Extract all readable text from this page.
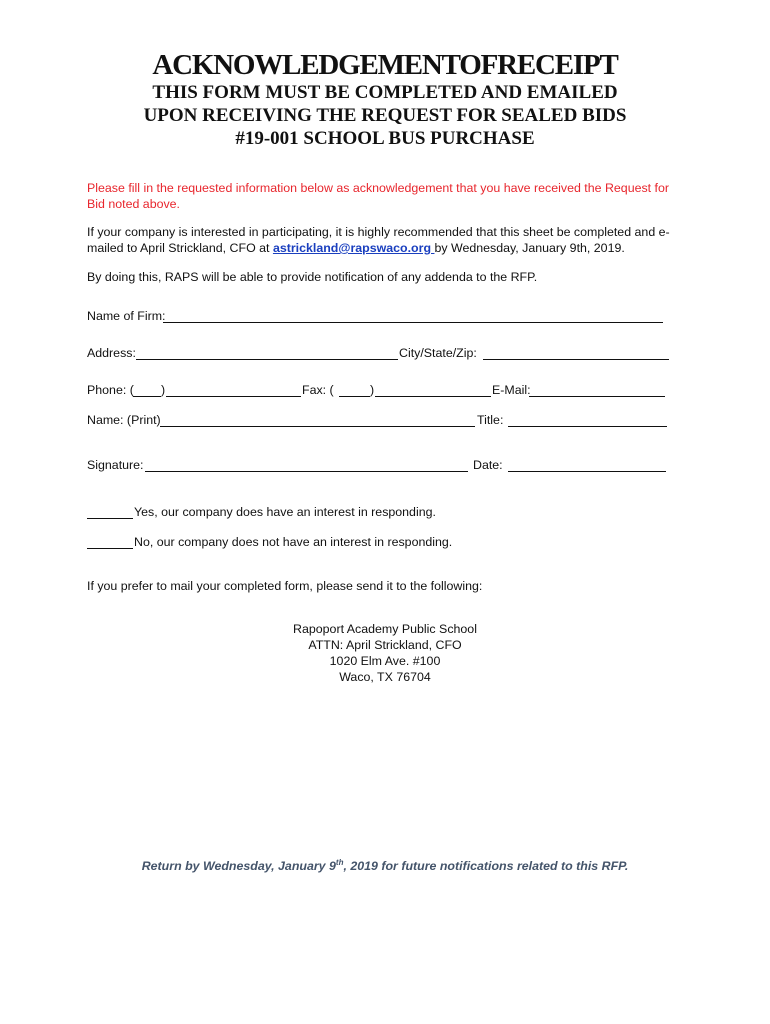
ACKNOWLEDGEMENTOFRECEIPT
THIS FORM MUST BE COMPLETED AND EMAILED
UPON RECEIVING THE REQUEST FOR SEALED BIDS
#19-001 SCHOOL BUS PURCHASE
Please fill in the requested information below as acknowledgement that you have received the Request for Bid noted above.
If your company is interested in participating, it is highly recommended that this sheet be completed and e-mailed to April Strickland, CFO at astrickland@rapswaco.org by Wednesday, January 9th, 2019.
By doing this, RAPS will be able to provide notification of any addenda to the RFP.
Name of Firm:
Address:	City/State/Zip:
Phone: ( )	Fax: (	)	E-Mail:
Name: (Print)	Title:
Signature:	Date:
Yes, our company does have an interest in responding.
No, our company does not have an interest in responding.
If you prefer to mail your completed form, please send it to the following:
Rapoport Academy Public School
ATTN: April Strickland, CFO
1020 Elm Ave. #100
Waco, TX 76704
Return by Wednesday, January 9th, 2019 for future notifications related to this RFP.
